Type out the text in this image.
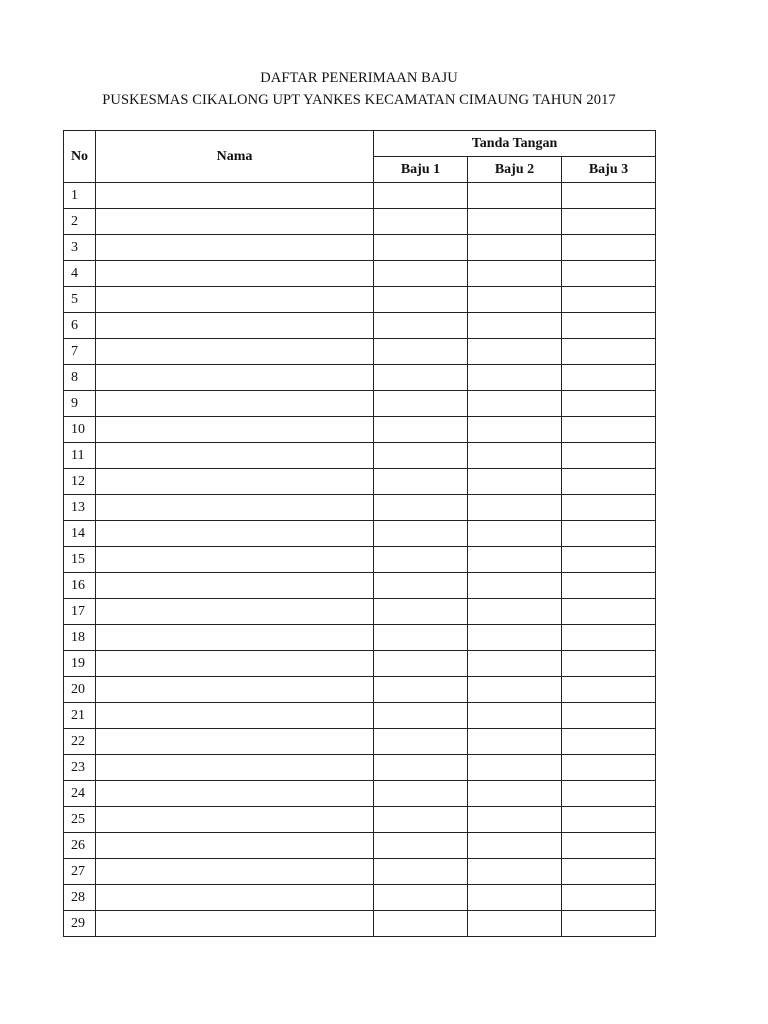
DAFTAR PENERIMAAN BAJU
PUSKESMAS CIKALONG UPT YANKES KECAMATAN CIMAUNG TAHUN 2017
No	Nama	Tanda Tangan		
		Baju 1	Baju 2	Baju 3
1				
2				
3				
4				
5				
6				
7				
8				
9				
10				
11				
12				
13				
14				
15				
16				
17				
18				
19				
20				
21				
22				
23				
24				
25				
26				
27				
28				
29				
